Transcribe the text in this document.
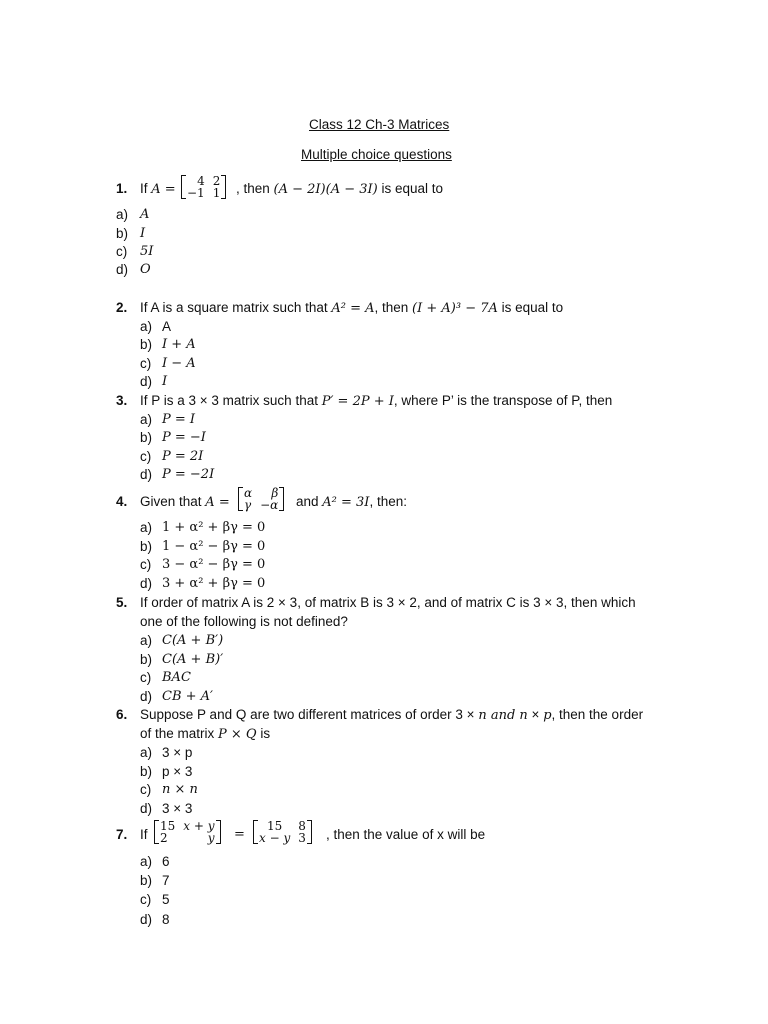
Class 12 Ch-3 Matrices
Multiple choice questions
1. If A =
4	2
−1	1 , then (A − 2I)(A − 3I) is equal to
a) A
b) I
c) 5I
d) O
2. If A is a square matrix such that A² = A, then (I + A)³ − 7A is equal to
a) A
b) I + A
c) I − A
d) I
3. If P is a 3 × 3 matrix such that P′ = 2P + I, where P’ is the transpose of P, then
a) P = I
b) P = −I
c) P = 2I
d) P = −2I
4. Given that A =
α	β
γ	−α and A² = 3I, then:
a) 1 + α² + βγ = 0
b) 1 − α² − βγ = 0
c) 3 − α² − βγ = 0
d) 3 + α² + βγ = 0
5. If order of matrix A is 2 × 3, of matrix B is 3 × 2, and of matrix C is 3 × 3, then which
one of the following is not defined?
a) C(A + B′)
b) C(A + B)′
c) BAC
d) CB + A′
6. Suppose P and Q are two different matrices of order 3 × n and n × p, then the order
of the matrix P × Q is
a) 3 × p
b) p × 3
c) n × n
d) 3 × 3
7. If
15	x + y
2	y =
15	8
x − y	3 , then the value of x will be
a) 6
b) 7
c) 5
d) 8
